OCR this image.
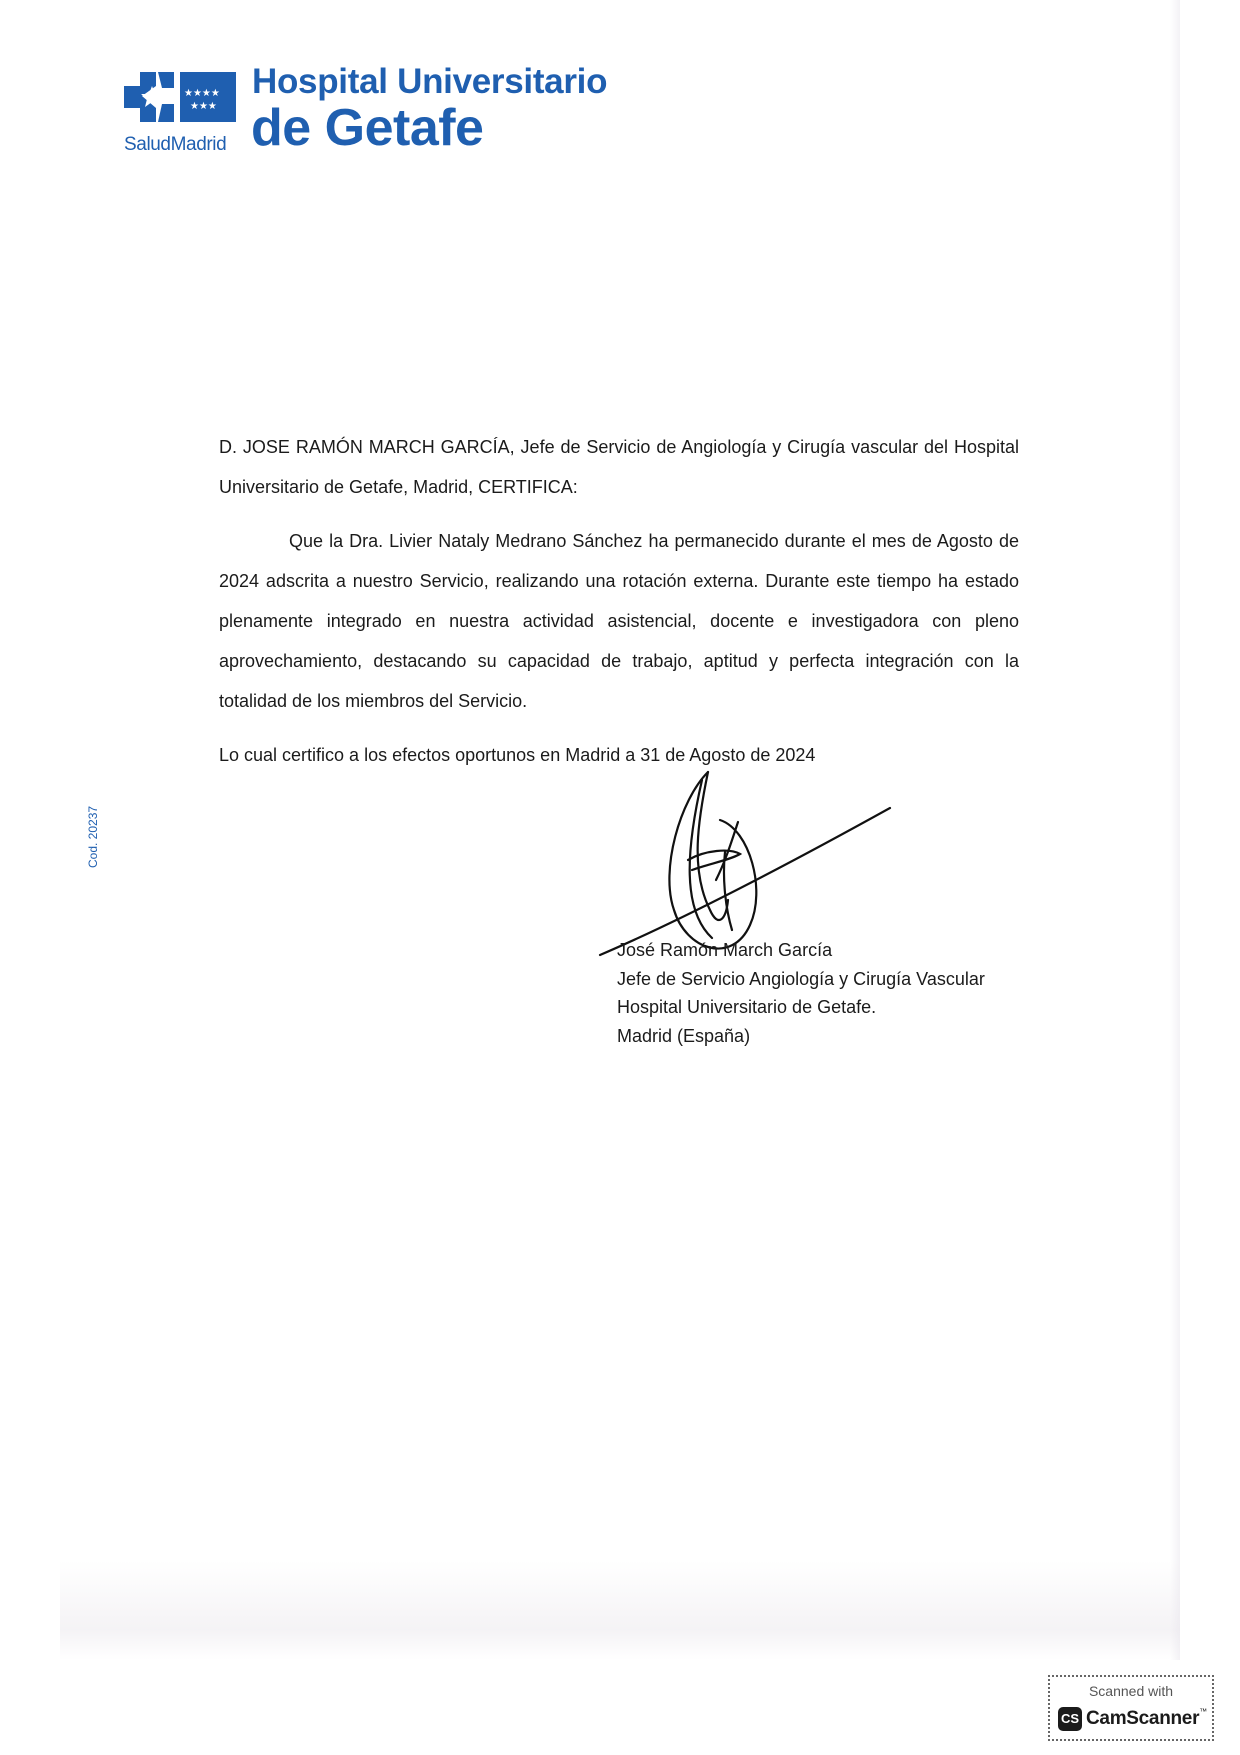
★★★★
★★★
SaludMadrid
Hospital Universitario
de Getafe
Cod. 20237

D. JOSE RAMÓN MARCH GARCÍA, Jefe de Servicio de Angiología y Cirugía vascular del Hospital Universitario de Getafe, Madrid, CERTIFICA:

Que la Dra. Livier Nataly Medrano Sánchez ha permanecido durante el mes de Agosto de 2024 adscrita a nuestro Servicio, realizando una rotación externa. Durante este tiempo ha estado plenamente integrado en nuestra actividad asistencial, docente e investigadora con pleno aprovechamiento, destacando su capacidad de trabajo, aptitud y perfecta integración con la totalidad de los miembros del Servicio.

Lo cual certifico a los efectos oportunos en Madrid a 31 de Agosto de 2024

José Ramón March García
Jefe de Servicio Angiología y Cirugía Vascular
Hospital Universitario de Getafe.
Madrid (España)
Scanned with
CS CamScanner™
